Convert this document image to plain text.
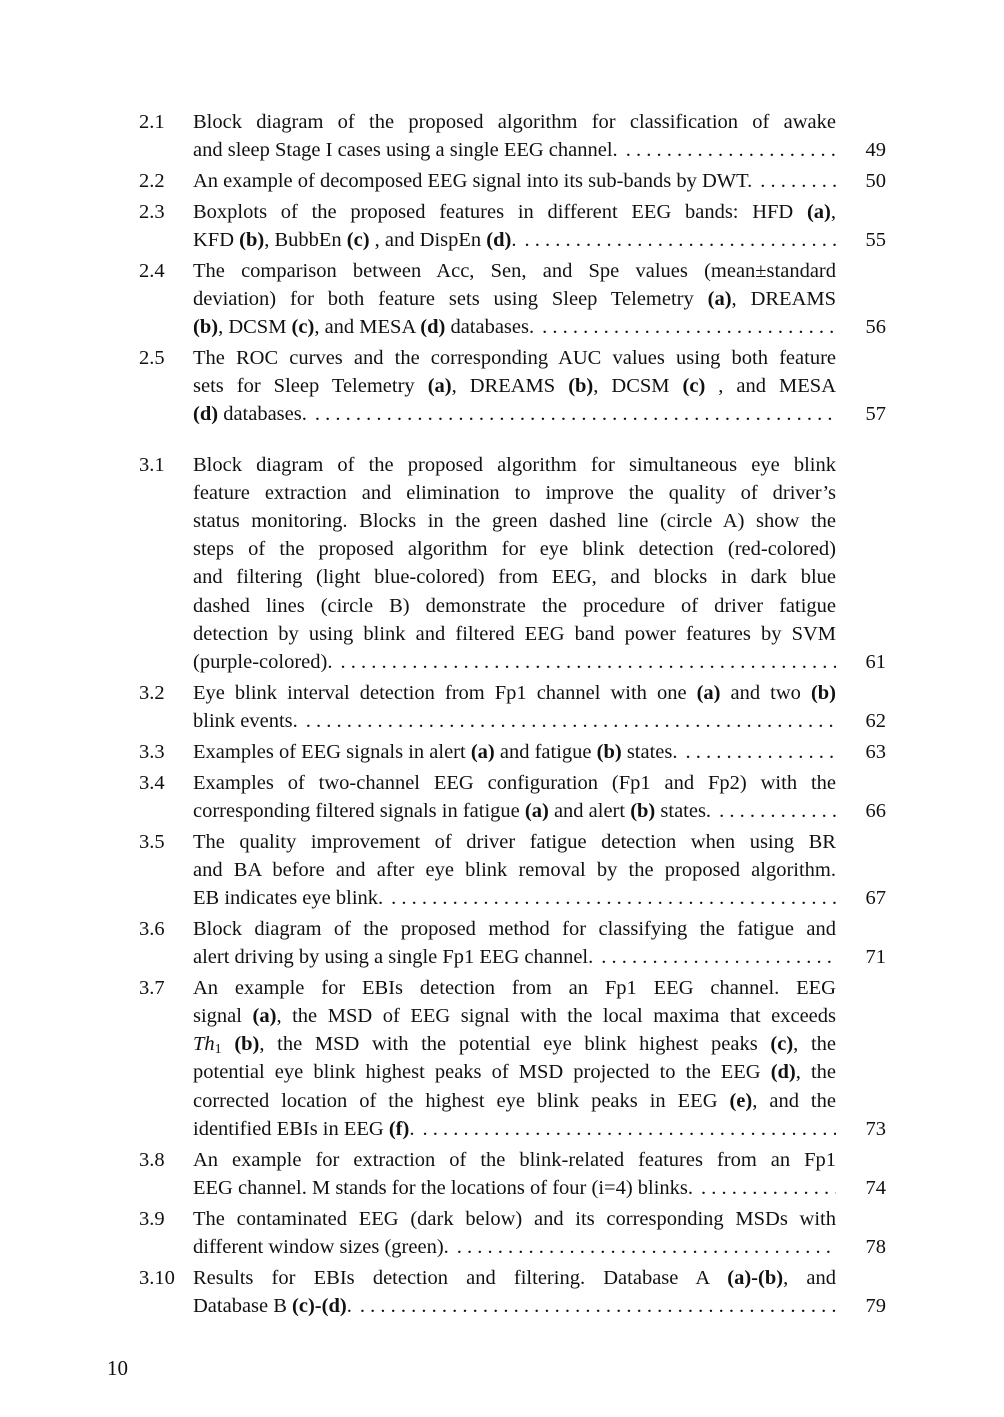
2.1	Block diagram of the proposed algorithm for classification of awake
and sleep Stage I cases using a single EEG channel. . . .	49
2.2	An example of decomposed EEG signal into its sub-bands by DWT. . . .	50
2.3	Boxplots of the proposed features in different EEG bands: HFD (a),
KFD (b), BubbEn (c) , and DispEn (d). . . .	55
2.4	The comparison between Acc, Sen, and Spe values (mean±standard
deviation) for both feature sets using Sleep Telemetry (a), DREAMS
(b), DCSM (c), and MESA (d) databases. . . .	56
2.5	The ROC curves and the corresponding AUC values using both feature
sets for Sleep Telemetry (a), DREAMS (b), DCSM (c) , and MESA
(d) databases. . . .	57
3.1	Block diagram of the proposed algorithm for simultaneous eye blink
feature extraction and elimination to improve the quality of driver’s
status monitoring. Blocks in the green dashed line (circle A) show the
steps of the proposed algorithm for eye blink detection (red-colored)
and filtering (light blue-colored) from EEG, and blocks in dark blue
dashed lines (circle B) demonstrate the procedure of driver fatigue
detection by using blink and filtered EEG band power features by SVM
(purple-colored). . . .	61
3.2	Eye blink interval detection from Fp1 channel with one (a) and two (b)
blink events. . . .	62
3.3	Examples of EEG signals in alert (a) and fatigue (b) states. . . .	63
3.4	Examples of two-channel EEG configuration (Fp1 and Fp2) with the
corresponding filtered signals in fatigue (a) and alert (b) states. . . .	66
3.5	The quality improvement of driver fatigue detection when using BR
and BA before and after eye blink removal by the proposed algorithm.
EB indicates eye blink. . . .	67
3.6	Block diagram of the proposed method for classifying the fatigue and
alert driving by using a single Fp1 EEG channel. . . .	71
3.7	An example for EBIs detection from an Fp1 EEG channel. EEG
signal (a), the MSD of EEG signal with the local maxima that exceeds
$Th_1$ (b), the MSD with the potential eye blink highest peaks (c), the
potential eye blink highest peaks of MSD projected to the EEG (d), the
corrected location of the highest eye blink peaks in EEG (e), and the
identified EBIs in EEG (f). . . .	73
3.8	An example for extraction of the blink-related features from an Fp1
EEG channel. M stands for the locations of four (i=4) blinks. . . .	74
3.9	The contaminated EEG (dark below) and its corresponding MSDs with
different window sizes (green). . . .	78
3.10 Results for EBIs detection and filtering. Database A (a)-(b), and
Database B (c)-(d). . . .	79
10
